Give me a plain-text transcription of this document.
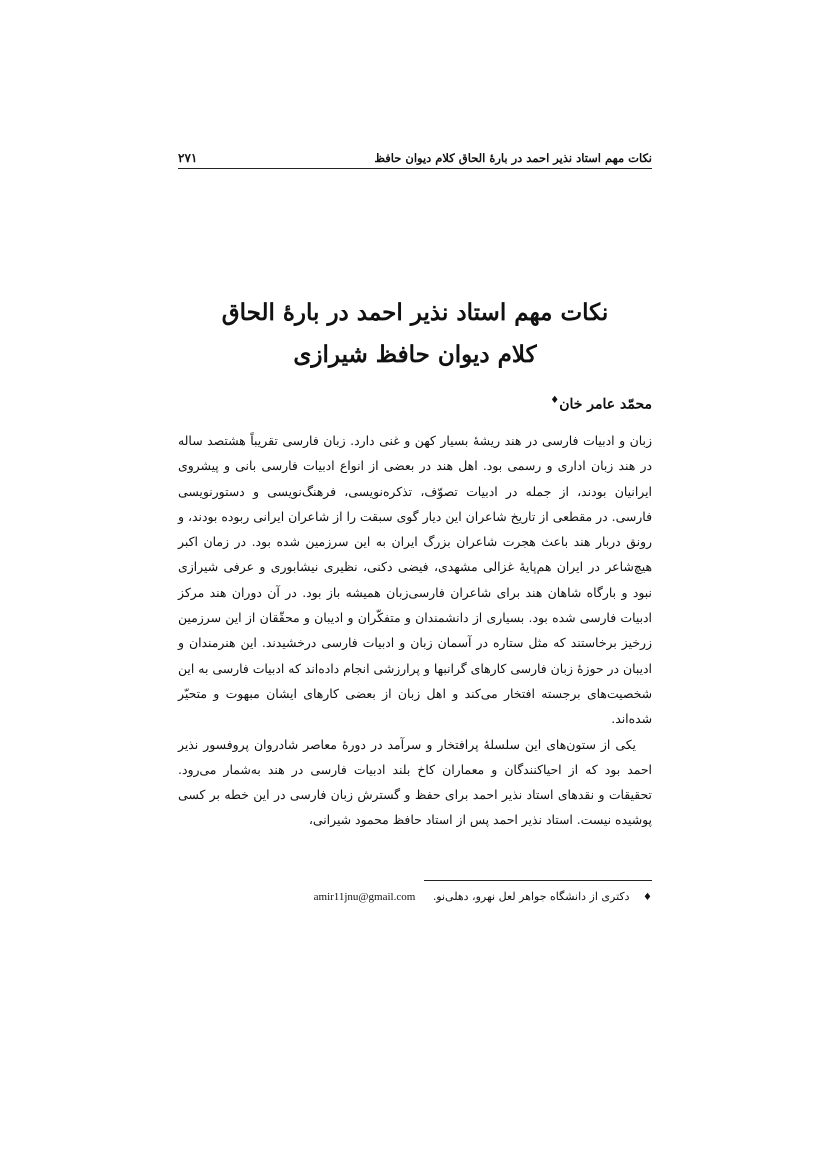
نکات مهم استاد نذیر احمد در بارۀ الحاق کلام دیوان حافظ
۲۷۱
نکات مهم استاد نذیر احمد در بارۀ الحاق
کلام دیوان حافظ شیرازی
محمّد عامر خان♦

زبان و ادبیات فارسی در هند ریشۀ بسیار کهن و غنی دارد. زبان فارسی تقریباً هشتصد ساله در هند زبان اداری و رسمی بود. اهل هند در بعضی از انواع ادبیات فارسی بانی و پیشروی ایرانیان بودند، از جمله در ادبیات تصوّف، تذکره‌نویسی، فرهنگ‌نویسی و دستورنویسی فارسی. در مقطعی از تاریخ شاعران این دیار گوی سبقت را از شاعران ایرانی ربوده بودند، و رونق دربار هند باعث هجرت شاعران بزرگ ایران به این سرزمین شده بود. در زمان اکبر هیچ‌شاعر در ایران هم‌پایۀ غزالی مشهدی، فیضی دکنی، نظیری نیشابوری و عرفی شیرازی نبود و بارگاه شاهان هند برای شاعران فارسی‌زبان همیشه باز بود. در آن دوران هند مرکز ادبیات فارسی شده بود. بسیاری از دانشمندان و متفکّران و ادیبان و محقّقان از این سرزمین زرخیز برخاستند که مثل ستاره در آسمان زبان و ادبیات فارسی درخشیدند. این هنرمندان و ادیبان در حوزۀ زبان فارسی کارهای گرانبها و پرارزشی انجام داده‌اند که ادبیات فارسی به این شخصیت‌های برجسته افتخار می‌کند و اهل زبان از بعضی کارهای ایشان مبهوت و متحیّر شده‌اند.

یکی از ستون‌های این سلسلۀ پرافتخار و سرآمد در دورۀ معاصر شادروان پروفسور نذیر احمد بود که از احیاکنندگان و معماران کاخ بلند ادبیات فارسی در هند به‌شمار می‌رود. تحقیقات و نقدهای استاد نذیر احمد برای حفظ و گسترش زبان فارسی در این خطه بر کسی پوشیده نیست. استاد نذیر احمد پس از استاد حافظ محمود شیرانی،

♦ دکتری از دانشگاه جواهر لعل نهرو، دهلی‌نو. amir11jnu@gmail.com
